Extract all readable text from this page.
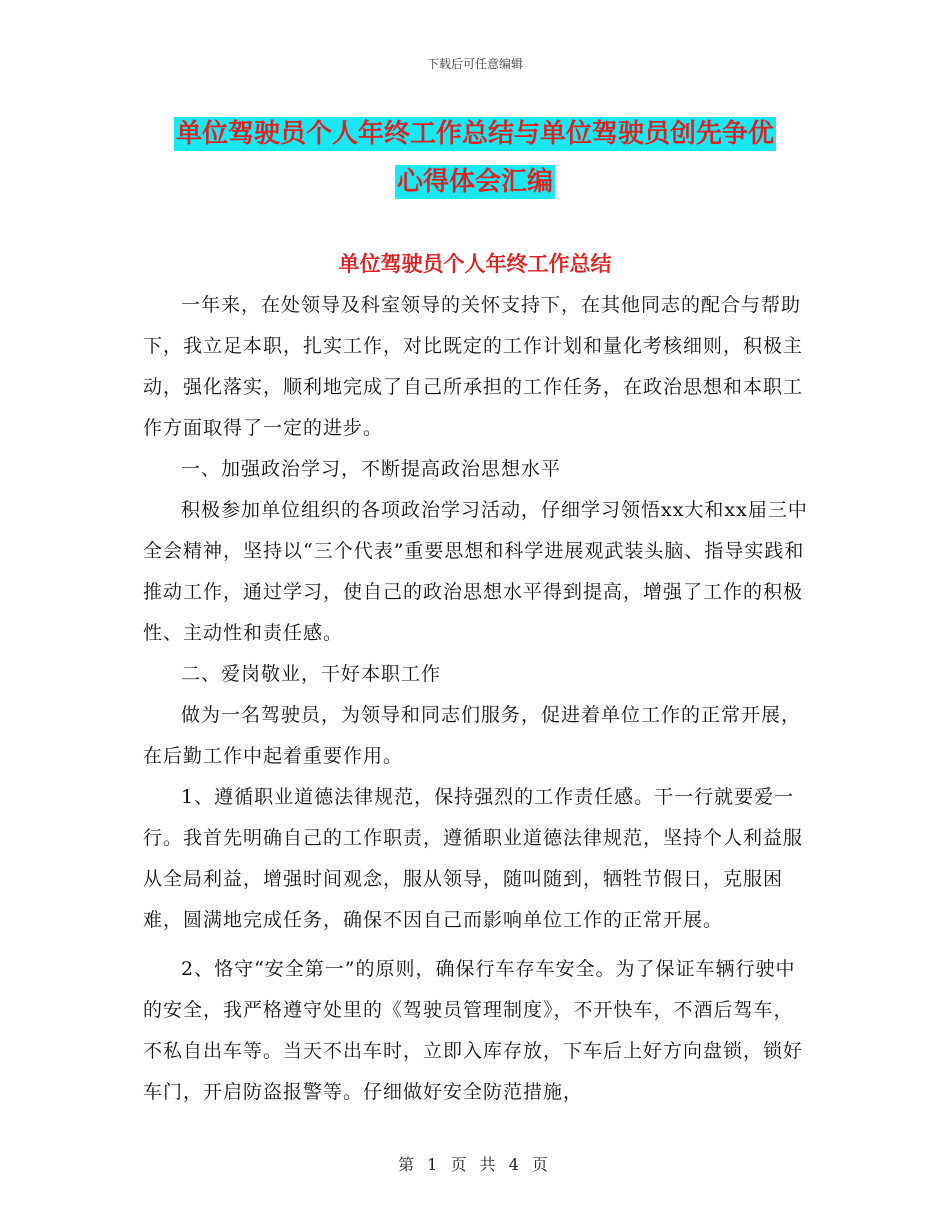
下载后可任意编辑
单位驾驶员个人年终工作总结与单位驾驶员创先争优
心得体会汇编
单位驾驶员个人年终工作总结

一年来，在处领导及科室领导的关怀支持下，在其他同志的配合与帮助下，我立足本职，扎实工作，对比既定的工作计划和量化考核细则，积极主动，强化落实，顺利地完成了自己所承担的工作任务，在政治思想和本职工作方面取得了一定的进步。

一、加强政治学习，不断提高政治思想水平

积极参加单位组织的各项政治学习活动，仔细学习领悟xx大和xx届三中全会精神，坚持以“三个代表”重要思想和科学进展观武装头脑、指导实践和推动工作，通过学习，使自己的政治思想水平得到提高，增强了工作的积极性、主动性和责任感。

二、爱岗敬业，干好本职工作

做为一名驾驶员，为领导和同志们服务，促进着单位工作的正常开展，在后勤工作中起着重要作用。

1、遵循职业道德法律规范，保持强烈的工作责任感。干一行就要爱一行。我首先明确自己的工作职责，遵循职业道德法律规范，坚持个人利益服从全局利益，增强时间观念，服从领导，随叫随到，牺牲节假日，克服困难，圆满地完成任务，确保不因自己而影响单位工作的正常开展。

2、恪守“安全第一”的原则，确保行车存车安全。为了保证车辆行驶中的安全，我严格遵守处里的《驾驶员管理制度》，不开快车，不酒后驾车，不私自出车等。当天不出车时，立即入库存放，下车后上好方向盘锁，锁好车门，开启防盗报警等。仔细做好安全防范措施，

第 1 页 共 4 页
